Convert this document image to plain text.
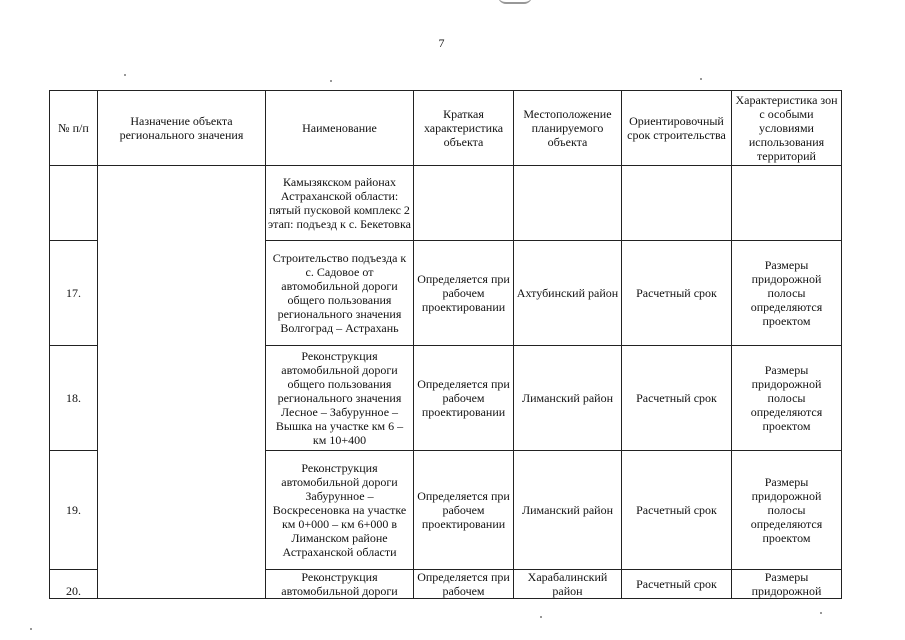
7
№ п/п	Назначение объекта регионального значения	Наименование	Краткая характеристика объекта	Местоположение планируемого объекта	Ориентировочный срок строительства	Характеристика зон с особыми условиями использования территорий
		Камызякском районах Астраханской области: пятый пусковой комплекс 2 этап: подъезд к с. Бекетовка				
17.		Строительство подъезда к с. Садовое от автомобильной дороги общего пользования регионального значения Волгоград – Астрахань	Определяется при рабочем проектировании	Ахтубинский район	Расчетный срок	Размеры придорожной полосы определяются проектом
18.		Реконструкция автомобильной дороги общего пользования регионального значения Лесное – Забурунное – Вышка на участке км 6 – км 10+400	Определяется при рабочем проектировании	Лиманский район	Расчетный срок	Размеры придорожной полосы определяются проектом
19.		Реконструкция автомобильной дороги Забурунное – Воскресеновка на участке км 0+000 – км 6+000 в Лиманском районе Астраханской области	Определяется при рабочем проектировании	Лиманский район	Расчетный срок	Размеры придорожной полосы определяются проектом
20.		Реконструкция автомобильной дороги	Определяется при рабочем	Харабалинский район	Расчетный срок	Размеры придорожной
